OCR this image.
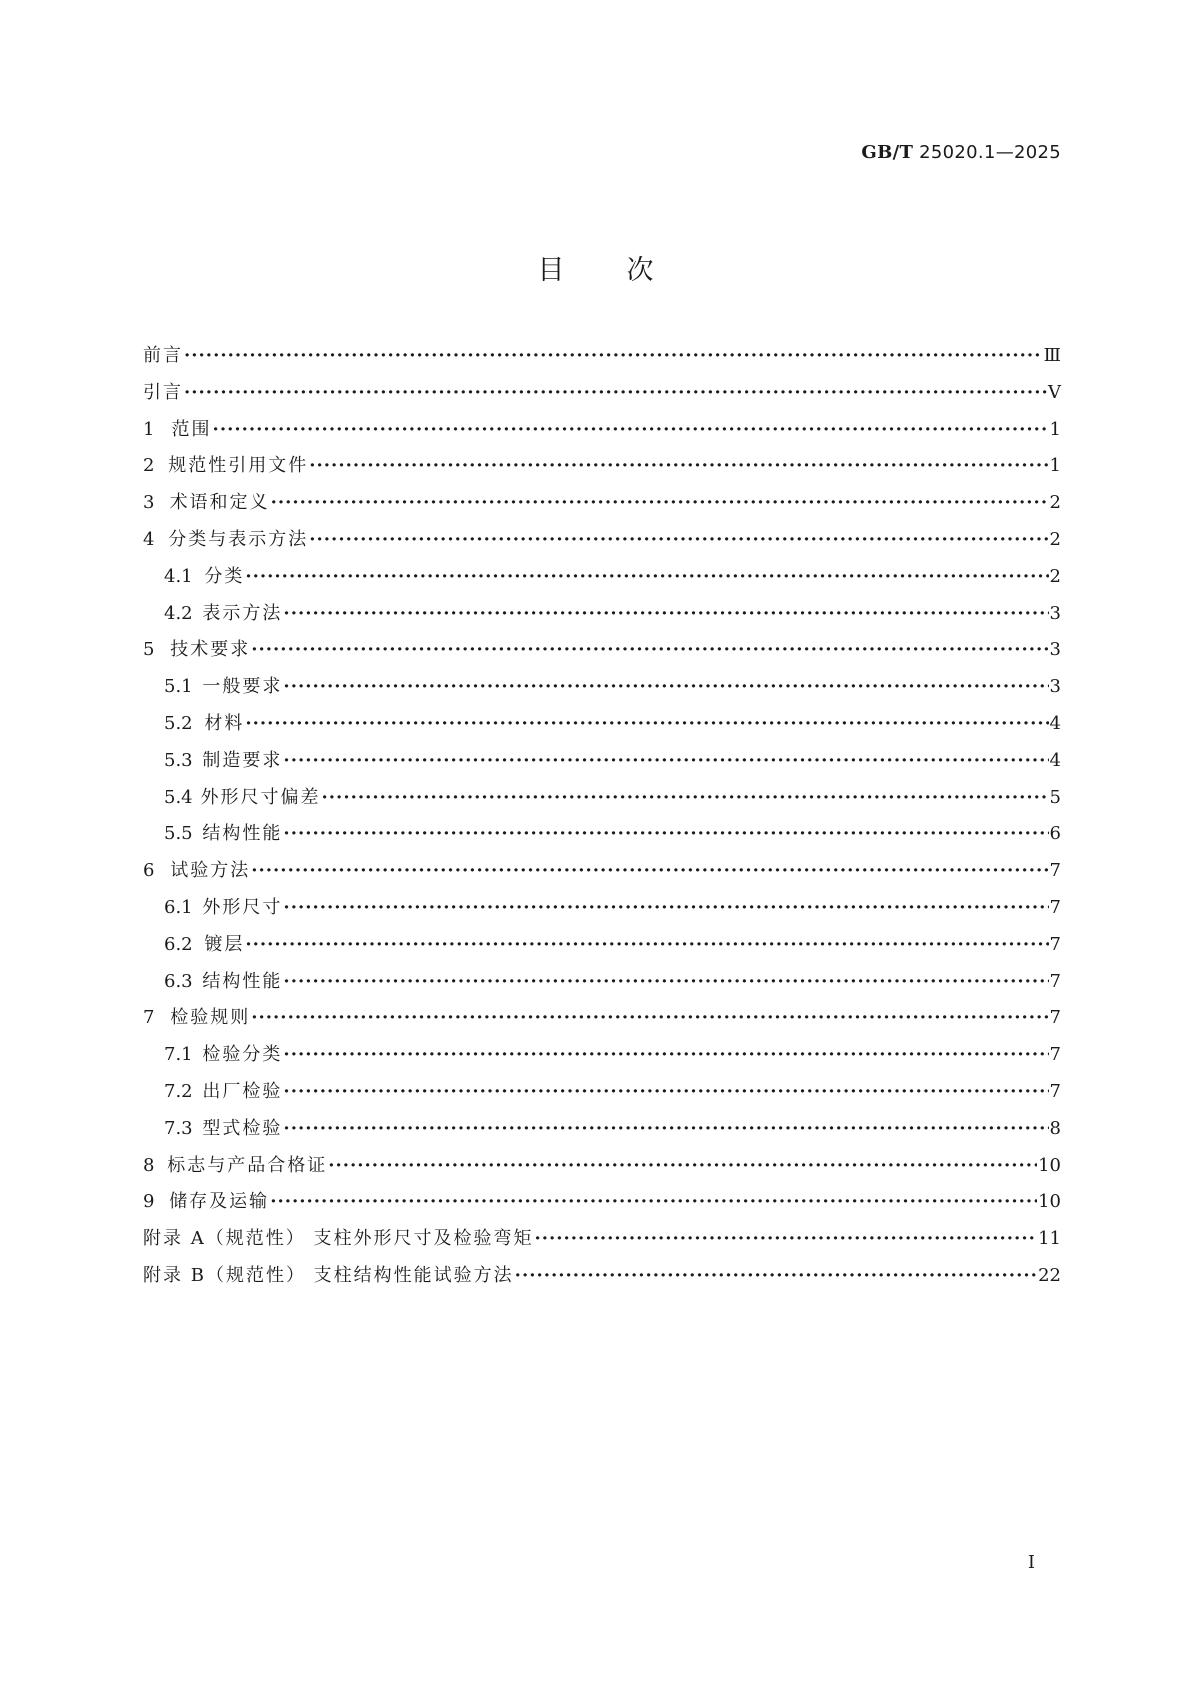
GB/T 25020.1—2025
目次
前言 ·····	Ⅲ
引言 ·····	Ⅴ
1 范围 ·····	1
2 规范性引用文件 ·····	1
3 术语和定义 ·····	2
4 分类与表示方法 ·····	2
4.1 分类 ·····	2
4.2 表示方法 ·····	3
5 技术要求 ·····	3
5.1 一般要求 ·····	3
5.2 材料 ·····	4
5.3 制造要求 ·····	4
5.4 外形尺寸偏差 ·····	5
5.5 结构性能 ·····	6
6 试验方法 ·····	7
6.1 外形尺寸 ·····	7
6.2 镀层 ·····	7
6.3 结构性能 ·····	7
7 检验规则 ·····	7
7.1 检验分类 ·····	7
7.2 出厂检验 ·····	7
7.3 型式检验 ·····	8
8 标志与产品合格证 ·····	10
9 储存及运输 ·····	10
附录 A（规范性） 支柱外形尺寸及检验弯矩 ·····	11
附录 B（规范性） 支柱结构性能试验方法 ·····	22
Ⅰ
